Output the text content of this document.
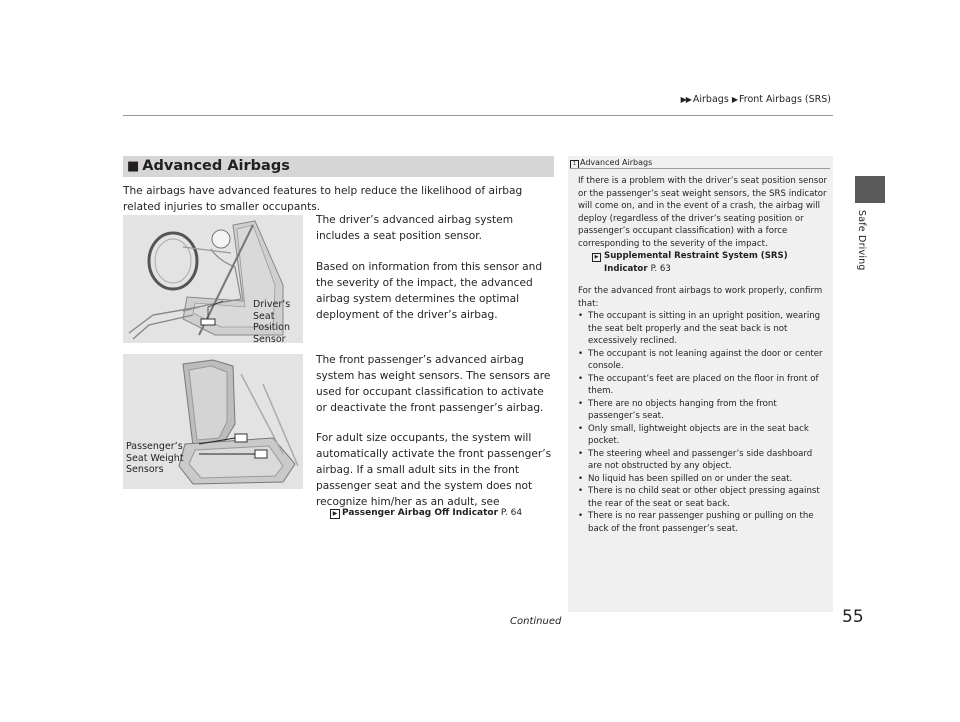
▶▶ Airbags ▶ Front Airbags (SRS)
Safe Driving
■ Advanced Airbags
The airbags have advanced features to help reduce the likelihood of airbag related injuries to smaller occupants.
Driver’s
Seat
Position
Sensor
Passenger’s
Seat Weight
Sensors
The driver’s advanced airbag system includes a seat position sensor.
Based on information from this sensor and the severity of the impact, the advanced airbag system determines the optimal deployment of the driver’s airbag.
The front passenger’s advanced airbag system has weight sensors. The sensors are used for occupant classification to activate or deactivate the front passenger’s airbag.
For adult size occupants, the system will automatically activate the front passenger’s airbag. If a small adult sits in the front passenger seat and the system does not recognize him/her as an adult, see
▶ Passenger Airbag Off Indicator P. 64
1 Advanced Airbags

If there is a problem with the driver’s seat position sensor or the passenger’s seat weight sensors, the SRS indicator will come on, and in the event of a crash, the airbag will deploy (regardless of the driver’s seating position or passenger’s occupant classification) with a force corresponding to the severity of the impact.

▶ Supplemental Restraint System (SRS)
Indicator P. 63

For the advanced front airbags to work properly, confirm that:

• The occupant is sitting in an upright position, wearing the seat belt properly and the seat back is not excessively reclined.
• The occupant is not leaning against the door or center console.
• The occupant’s feet are placed on the floor in front of them.
• There are no objects hanging from the front passenger’s seat.
• Only small, lightweight objects are in the seat back pocket.
• The steering wheel and passenger’s side dashboard are not obstructed by any object.
• No liquid has been spilled on or under the seat.
• There is no child seat or other object pressing against the rear of the seat or seat back.
• There is no rear passenger pushing or pulling on the back of the front passenger’s seat.
Continued	55
